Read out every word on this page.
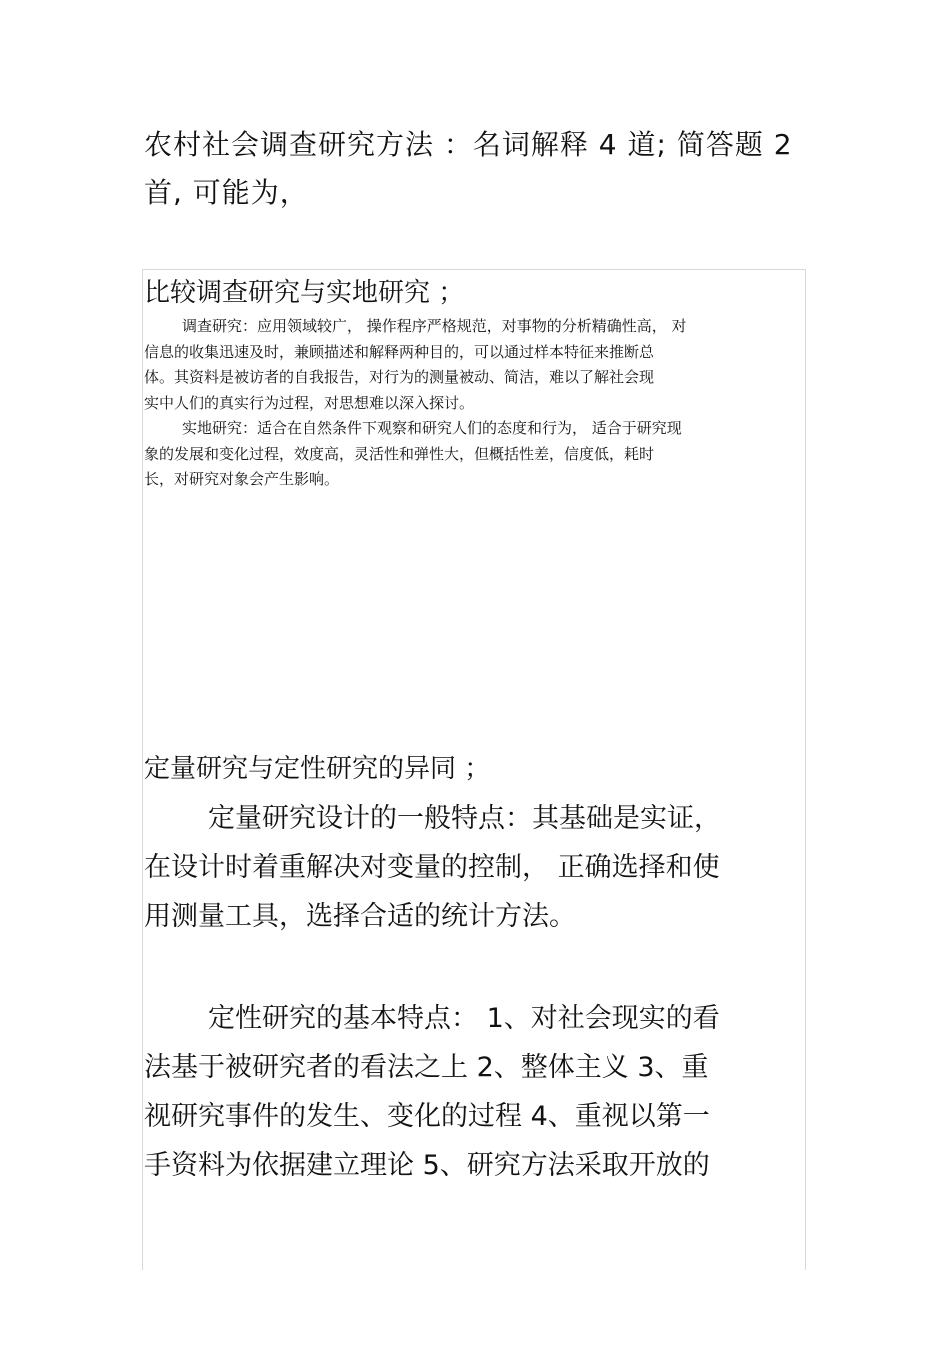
农村社会调查研究方法 ：名词解释 4 道; 简答题 2
首, 可能为，
比较调查研究与实地研究 ；
调查研究：应用领域较广， 操作程序严格规范，对事物的分析精确性高， 对
信息的收集迅速及时，兼顾描述和解释两种目的，可以通过样本特征来推断总
体。其资料是被访者的自我报告，对行为的测量被动、简洁，难以了解社会现
实中人们的真实行为过程，对思想难以深入探讨。
实地研究：适合在自然条件下观察和研究人们的态度和行为， 适合于研究现
象的发展和变化过程，效度高，灵活性和弹性大，但概括性差，信度低，耗时
长，对研究对象会产生影响。
定量研究与定性研究的异同 ；
定量研究设计的一般特点：其基础是实证，
在设计时着重解决对变量的控制， 正确选择和使
用测量工具，选择合适的统计方法。
定性研究的基本特点： 1、对社会现实的看
法基于被研究者的看法之上 2、整体主义 3、重
视研究事件的发生、变化的过程 4、重视以第一
手资料为依据建立理论 5、研究方法采取开放的
